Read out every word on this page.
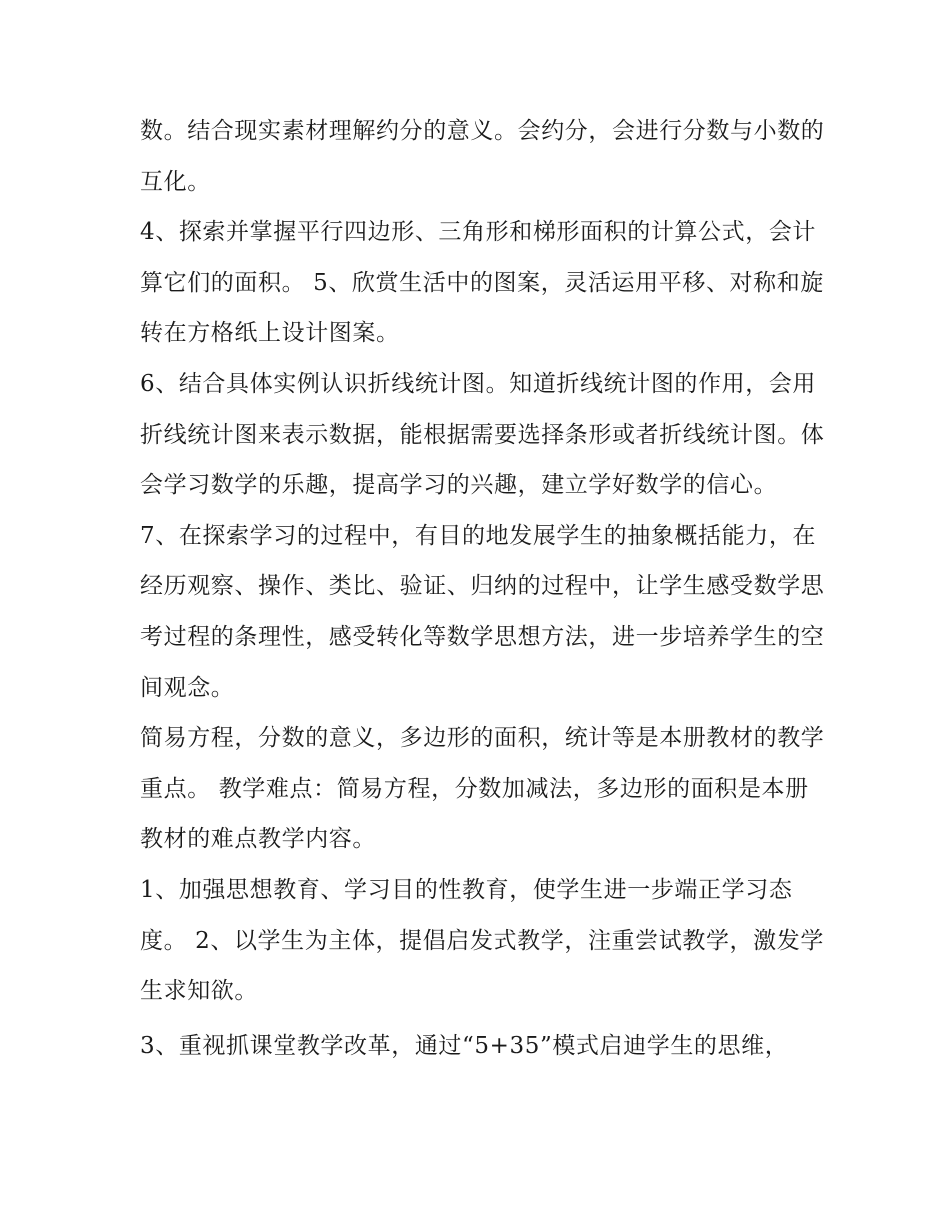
数。结合现实素材理解约分的意义。会约分，会进行分数与小数的互化。

4、探索并掌握平行四边形、三角形和梯形面积的计算公式，会计算它们的面积。 5、欣赏生活中的图案，灵活运用平移、对称和旋转在方格纸上设计图案。

6、结合具体实例认识折线统计图。知道折线统计图的作用，会用折线统计图来表示数据，能根据需要选择条形或者折线统计图。体会学习数学的乐趣，提高学习的兴趣，建立学好数学的信心。

7、在探索学习的过程中，有目的地发展学生的抽象概括能力，在经历观察、操作、类比、验证、归纳的过程中，让学生感受数学思考过程的条理性，感受转化等数学思想方法，进一步培养学生的空间观念。

简易方程，分数的意义，多边形的面积，统计等是本册教材的教学重点。 教学难点：简易方程，分数加减法，多边形的面积是本册教材的难点教学内容。

1、加强思想教育、学习目的性教育，使学生进一步端正学习态度。 2、以学生为主体，提倡启发式教学，注重尝试教学，激发学生求知欲。

3、重视抓课堂教学改革，通过“5+35”模式启迪学生的思维，
